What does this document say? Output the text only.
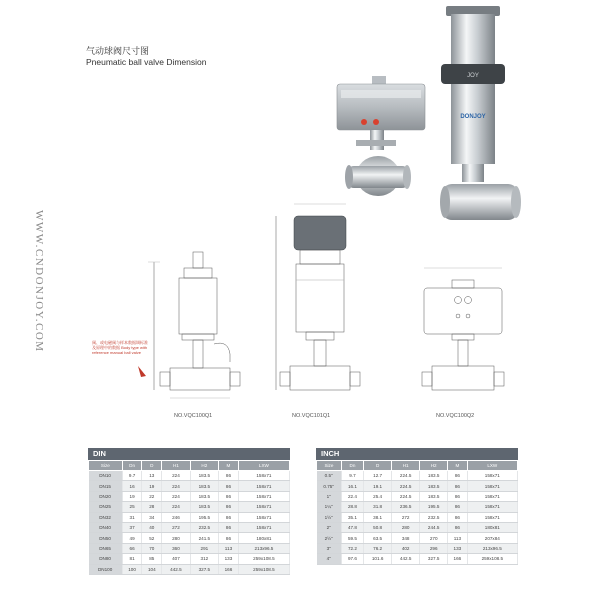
气动球阀尺寸图
Pneumatic ball valve Dimension
WWW.CNDONJOY.COM
JOY
DONJOY
阀、或电磁阀与样本数据调标准及原理中的数据 Body type with reference manual ball valve
NO.VQC100Q1	NO.VQC101Q1	NO.VQC100Q2
DIN
Size	Dn	D	H1	H2	M	LXW
DN10	9.7	13	224	183.5	86	158x71
DN15	16	19	224	183.5	86	158x71
DN20	19	22	224	183.5	86	158x71
DN25	25	28	224	183.5	86	158x71
DN32	31	34	246	195.5	86	158x71
DN40	37	40	272	232.5	86	158x71
DN50	49	52	280	241.5	86	180x81
DN65	66	70	360	291	113	213x96.5
DN80	81	85	407	312	133	259x108.5
DN100	100	104	442.5	327.5	166	259x108.5
INCH
Size	Dn	D	H1	H2	M	LXW
0.5"	9.7	12.7	224.5	183.5	86	158x71
0.75"	16.1	19.1	224.5	183.5	86	158x71
1"	22.4	25.4	224.5	183.5	86	158x71
1¼"	28.8	31.8	236.5	195.5	86	158x71
1½"	35.1	38.1	272	232.5	86	158x71
2"	47.8	50.8	280	244.5	86	180x81
2½"	59.5	63.5	348	270	113	207x84
3"	72.2	76.2	402	296	133	213x96.5
4"	97.6	101.6	442.5	327.5	166	259x108.5
